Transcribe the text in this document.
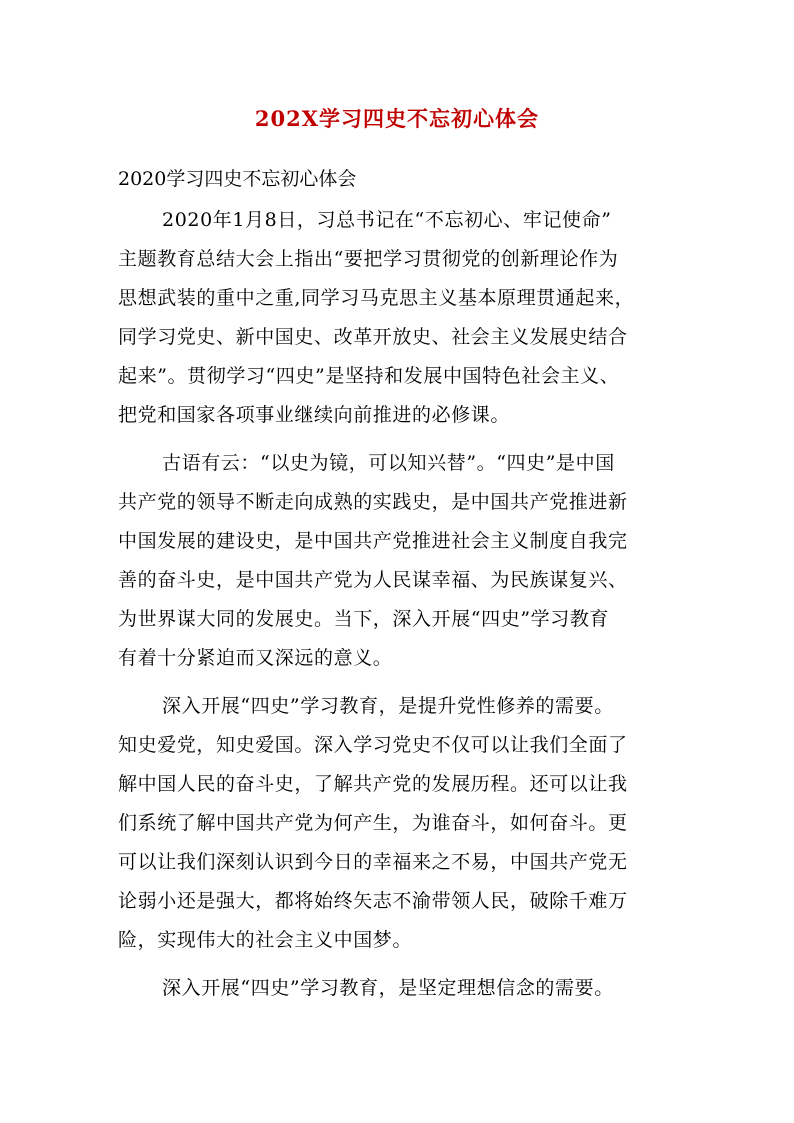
202X学习四史不忘初心体会
2020学习四史不忘初心体会
2020年1月8日，习总书记在“不忘初心、牢记使命”
主题教育总结大会上指出“要把学习贯彻党的创新理论作为
思想武装的重中之重,同学习马克思主义基本原理贯通起来，
同学习党史、新中国史、改革开放史、社会主义发展史结合
起来”。贯彻学习“四史”是坚持和发展中国特色社会主义、
把党和国家各项事业继续向前推进的必修课。
古语有云：“以史为镜，可以知兴替”。“四史”是中国
共产党的领导不断走向成熟的实践史，是中国共产党推进新
中国发展的建设史，是中国共产党推进社会主义制度自我完
善的奋斗史，是中国共产党为人民谋幸福、为民族谋复兴、
为世界谋大同的发展史。当下，深入开展“四史”学习教育
有着十分紧迫而又深远的意义。
深入开展“四史”学习教育，是提升党性修养的需要。
知史爱党，知史爱国。深入学习党史不仅可以让我们全面了
解中国人民的奋斗史，了解共产党的发展历程。还可以让我
们系统了解中国共产党为何产生，为谁奋斗，如何奋斗。更
可以让我们深刻认识到今日的幸福来之不易，中国共产党无
论弱小还是强大，都将始终矢志不渝带领人民，破除千难万
险，实现伟大的社会主义中国梦。
深入开展“四史”学习教育，是坚定理想信念的需要。
